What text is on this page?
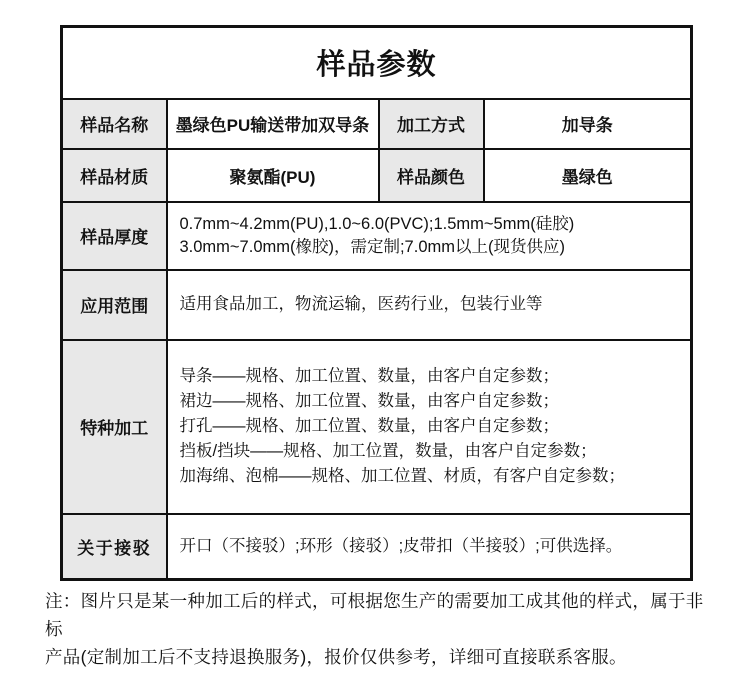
样品参数			
样品名称	墨绿色PU输送带加双导条	加工方式	加导条
样品材质	聚氨酯(PU)	样品颜色	墨绿色
样品厚度	0.7mm~4.2mm(PU),1.0~6.0(PVC);1.5mm~5mm(硅胶)
3.0mm~7.0mm(橡胶)，需定制;7.0mm以上(现货供应)		

应用范围	适用食品加工，物流运输，医药行业，包装行业等		

特种加工	导条——规格、加工位置、数量，由客户自定参数；
裙边——规格、加工位置、数量，由客户自定参数；
打孔——规格、加工位置、数量，由客户自定参数；
挡板/挡块——规格、加工位置，数量，由客户自定参数；
加海绵、泡棉——规格、加工位置、材质，有客户自定参数；		

关于接驳	开口（不接驳）;环形（接驳）;皮带扣（半接驳）;可供选择。		
注：图片只是某一种加工后的样式，可根据您生产的需要加工成其他的样式，属于非标
产品(定制加工后不支持退换服务)，报价仅供参考，详细可直接联系客服。
